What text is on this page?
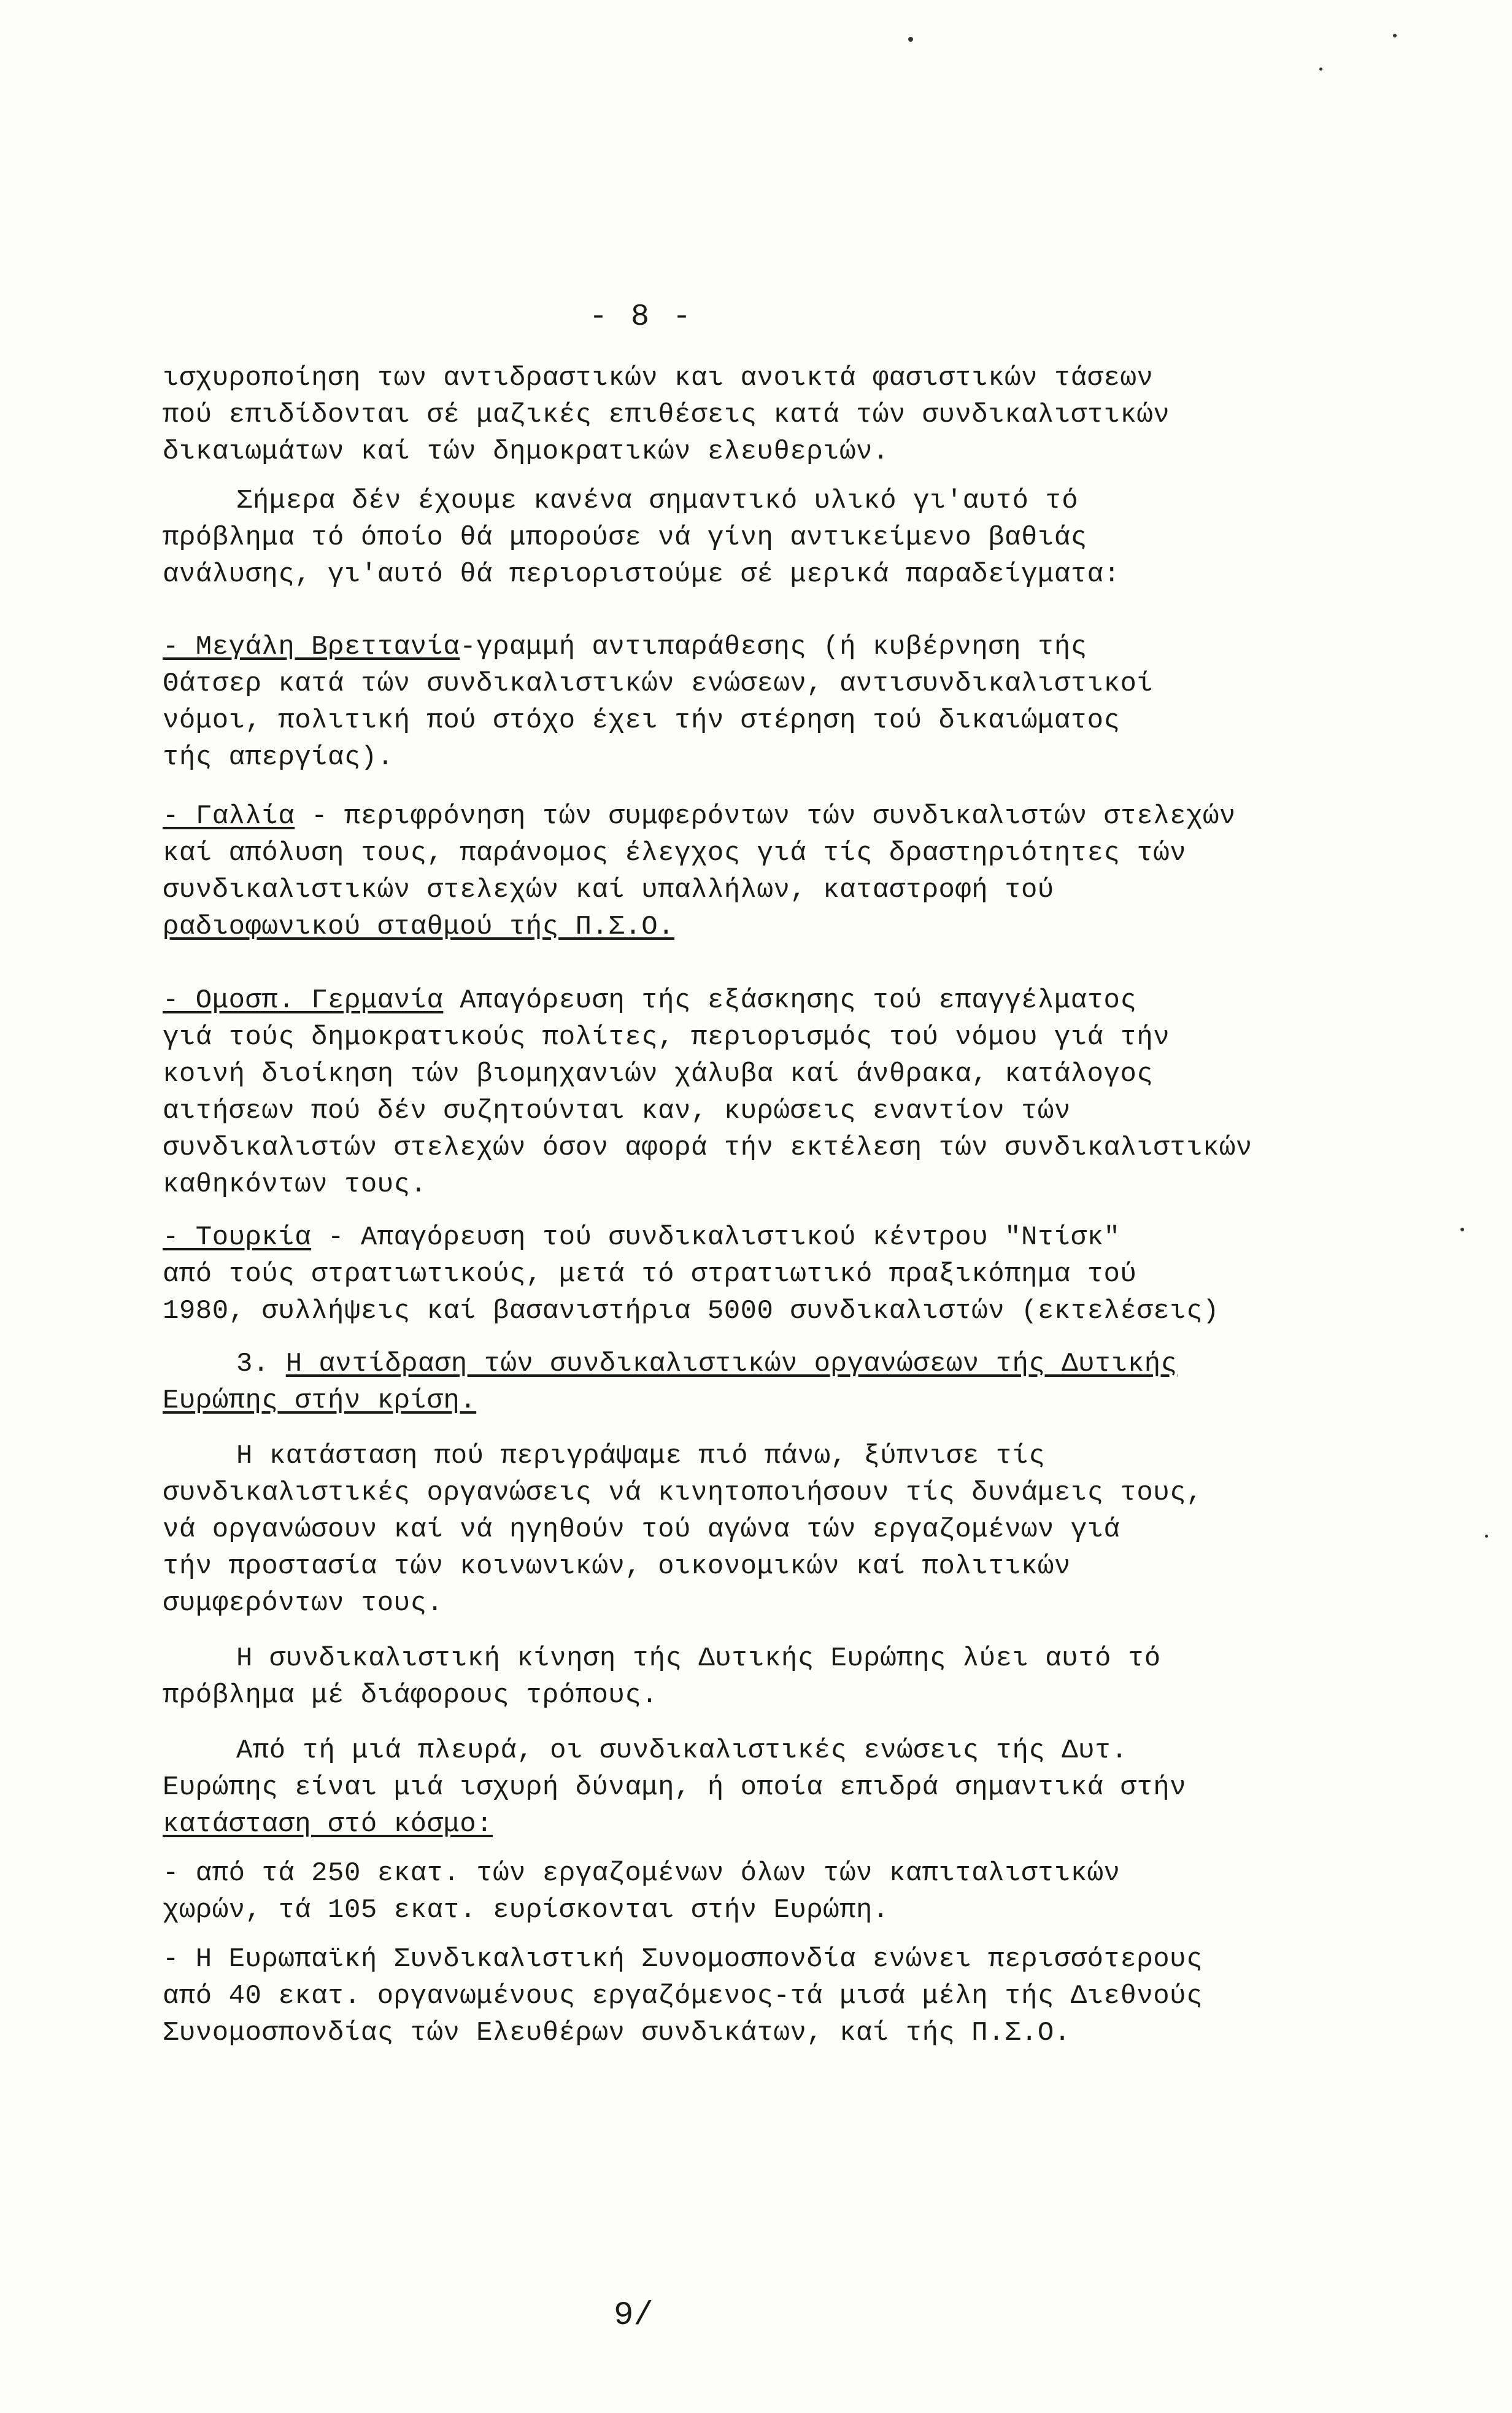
- 8 -
ισχυροποίηση των αντιδραστικών και ανοικτά φασιστικών τάσεων
πού επιδίδονται σέ μαζικές επιθέσεις κατά τών συνδικαλιστικών
δικαιωμάτων καί τών δημοκρατικών ελευθεριών.
Σήμερα δέν έχουμε κανένα σημαντικό υλικό γι'αυτό τό
πρόβλημα τό όποίο θά μπορούσε νά γίνη αντικείμενο βαθιάς
ανάλυσης, γι'αυτό θά περιοριστούμε σέ μερικά παραδείγματα:
- Μεγάλη Βρεττανία-γραμμή αντιπαράθεσης (ή κυβέρνηση τής
Θάτσερ κατά τών συνδικαλιστικών ενώσεων, αντισυνδικαλιστικοί
νόμοι, πολιτική πού στόχο έχει τήν στέρηση τού δικαιώματος
τής απεργίας).
- Γαλλία - περιφρόνηση τών συμφερόντων τών συνδικαλιστών στελεχών
καί απόλυση τους, παράνομος έλεγχος γιά τίς δραστηριότητες τών
συνδικαλιστικών στελεχών καί υπαλλήλων, καταστροφή τού
ραδιοφωνικού σταθμού τής Π.Σ.Ο.
- Ομοσπ. Γερμανία Απαγόρευση τής εξάσκησης τού επαγγέλματος
γιά τούς δημοκρατικούς πολίτες, περιορισμός τού νόμου γιά τήν
κοινή διοίκηση τών βιομηχανιών χάλυβα καί άνθρακα, κατάλογος
αιτήσεων πού δέν συζητούνται καν, κυρώσεις εναντίον τών
συνδικαλιστών στελεχών όσον αφορά τήν εκτέλεση τών συνδικαλιστικών
καθηκόντων τους.
- Τουρκία - Απαγόρευση τού συνδικαλιστικού κέντρου "Ντίσκ"
από τούς στρατιωτικούς, μετά τό στρατιωτικό πραξικόπημα τού
1980, συλλήψεις καί βασανιστήρια 5000 συνδικαλιστών (εκτελέσεις)
3. Η αντίδραση τών συνδικαλιστικών οργανώσεων τής Δυτικής
Ευρώπης στήν κρίση.
Η κατάσταση πού περιγράψαμε πιό πάνω, ξύπνισε τίς
συνδικαλιστικές οργανώσεις νά κινητοποιήσουν τίς δυνάμεις τους,
νά οργανώσουν καί νά ηγηθούν τού αγώνα τών εργαζομένων γιά
τήν προστασία τών κοινωνικών, οικονομικών καί πολιτικών
συμφερόντων τους.
Η συνδικαλιστική κίνηση τής Δυτικής Ευρώπης λύει αυτό τό
πρόβλημα μέ διάφορους τρόπους.
Από τή μιά πλευρά, οι συνδικαλιστικές ενώσεις τής Δυτ.
Ευρώπης είναι μιά ισχυρή δύναμη, ή οποία επιδρά σημαντικά στήν
κατάσταση στό κόσμο:
- από τά 250 εκατ. τών εργαζομένων όλων τών καπιταλιστικών
χωρών, τά 105 εκατ. ευρίσκονται στήν Ευρώπη.
- Η Ευρωπαϊκή Συνδικαλιστική Συνομοσπονδία ενώνει περισσότερους
από 40 εκατ. οργανωμένους εργαζόμενος-τά μισά μέλη τής Διεθνούς
Συνομοσπονδίας τών Ελευθέρων συνδικάτων, καί τής Π.Σ.Ο.
9/
